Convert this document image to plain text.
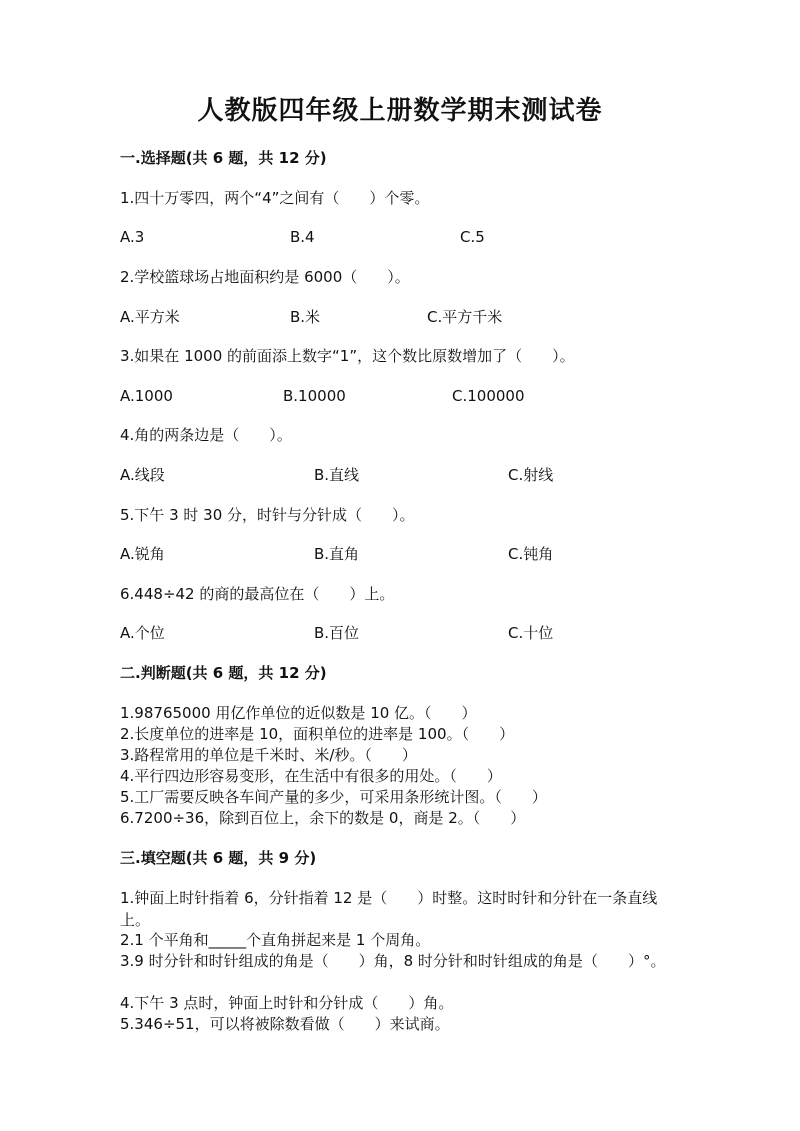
人教版四年级上册数学期末测试卷
一.选择题(共 6 题，共 12 分)
1.四十万零四，两个“4”之间有（　　）个零。
A.3	B.4	C.5
2.学校篮球场占地面积约是 6000（　　）。
A.平方米	B.米	C.平方千米
3.如果在 1000 的前面添上数字“1”，这个数比原数增加了（　　）。
A.1000	B.10000	C.100000
4.角的两条边是（　　）。
A.线段	B.直线	C.射线
5.下午 3 时 30 分，时针与分针成（　　）。
A.锐角	B.直角	C.钝角
6.448÷42 的商的最高位在（　　）上。
A.个位	B.百位	C.十位
二.判断题(共 6 题，共 12 分)
1.98765000 用亿作单位的近似数是 10 亿。（　　）
2.长度单位的进率是 10，面积单位的进率是 100。（　　）
3.路程常用的单位是千米时、米/秒。（　　）
4.平行四边形容易变形，在生活中有很多的用处。（　　）
5.工厂需要反映各车间产量的多少，可采用条形统计图。（　　）
6.7200÷36，除到百位上，余下的数是 0，商是 2。（　　）
三.填空题(共 6 题，共 9 分)
1.钟面上时针指着 6，分针指着 12 是（　　）时整。这时时针和分针在一条直线上。
2.1 个平角和_____个直角拼起来是 1 个周角。
3.9 时分针和时针组成的角是（　　）角，8 时分针和时针组成的角是（　　）°。
4.下午 3 点时，钟面上时针和分针成（　　）角。
5.346÷51，可以将被除数看做（　　）来试商。
